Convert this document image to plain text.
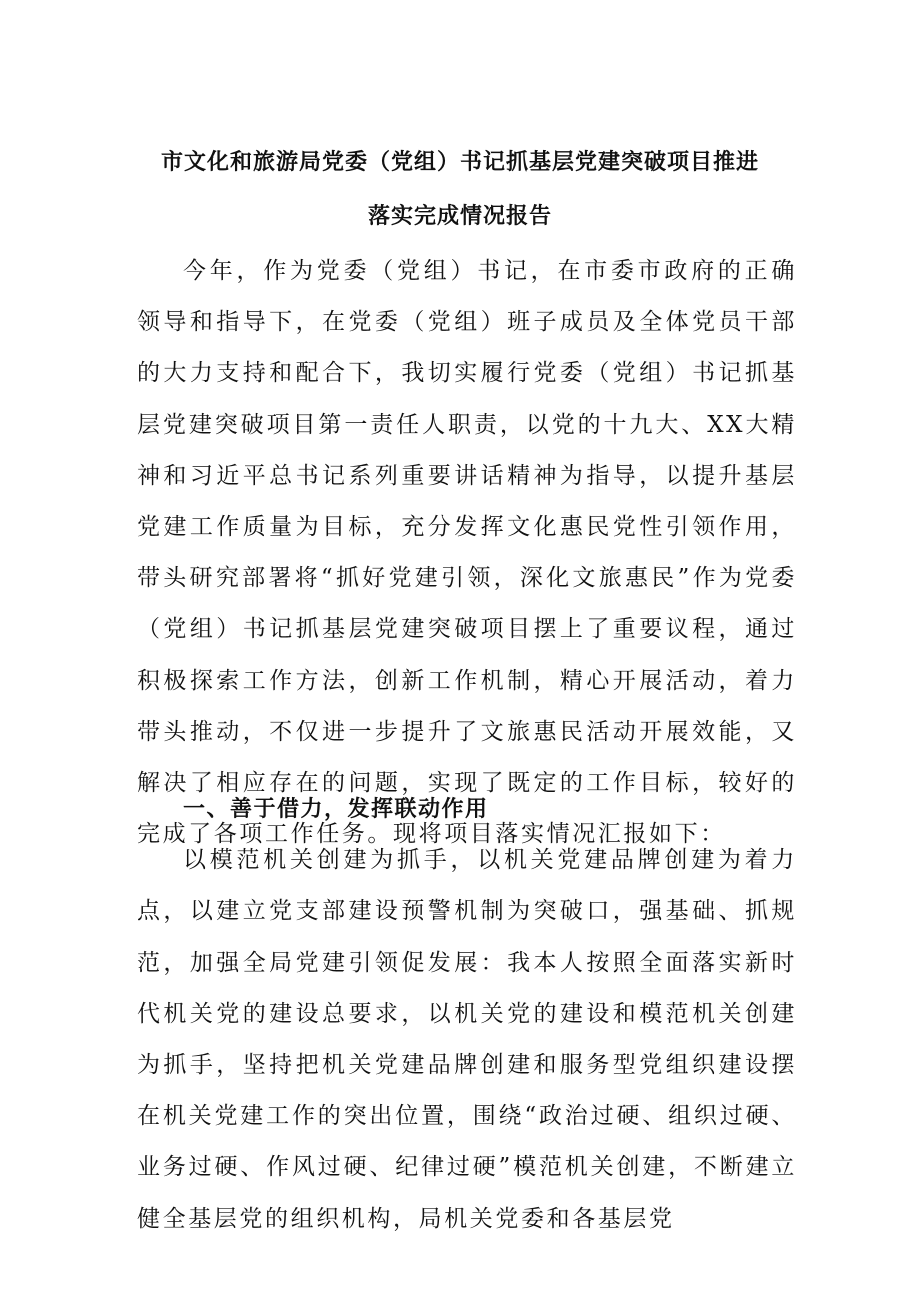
市文化和旅游局党委（党组）书记抓基层党建突破项目推进
落实完成情况报告

今年，作为党委（党组）书记，在市委市政府的正确领导和指导下，在党委（党组）班子成员及全体党员干部的大力支持和配合下，我切实履行党委（党组）书记抓基层党建突破项目第一责任人职责，以党的十九大、XX大精神和习近平总书记系列重要讲话精神为指导，以提升基层党建工作质量为目标，充分发挥文化惠民党性引领作用，带头研究部署将“抓好党建引领，深化文旅惠民”作为党委（党组）书记抓基层党建突破项目摆上了重要议程，通过积极探索工作方法，创新工作机制，精心开展活动，着力带头推动，不仅进一步提升了文旅惠民活动开展效能，又解决了相应存在的问题，实现了既定的工作目标，较好的完成了各项工作任务。现将项目落实情况汇报如下：

一、善于借力，发挥联动作用

以模范机关创建为抓手，以机关党建品牌创建为着力点，以建立党支部建设预警机制为突破口，强基础、抓规范，加强全局党建引领促发展：我本人按照全面落实新时代机关党的建设总要求，以机关党的建设和模范机关创建为抓手，坚持把机关党建品牌创建和服务型党组织建设摆在机关党建工作的突出位置，围绕“政治过硬、组织过硬、业务过硬、作风过硬、纪律过硬”模范机关创建，不断建立健全基层党的组织机构，局机关党委和各基层党
